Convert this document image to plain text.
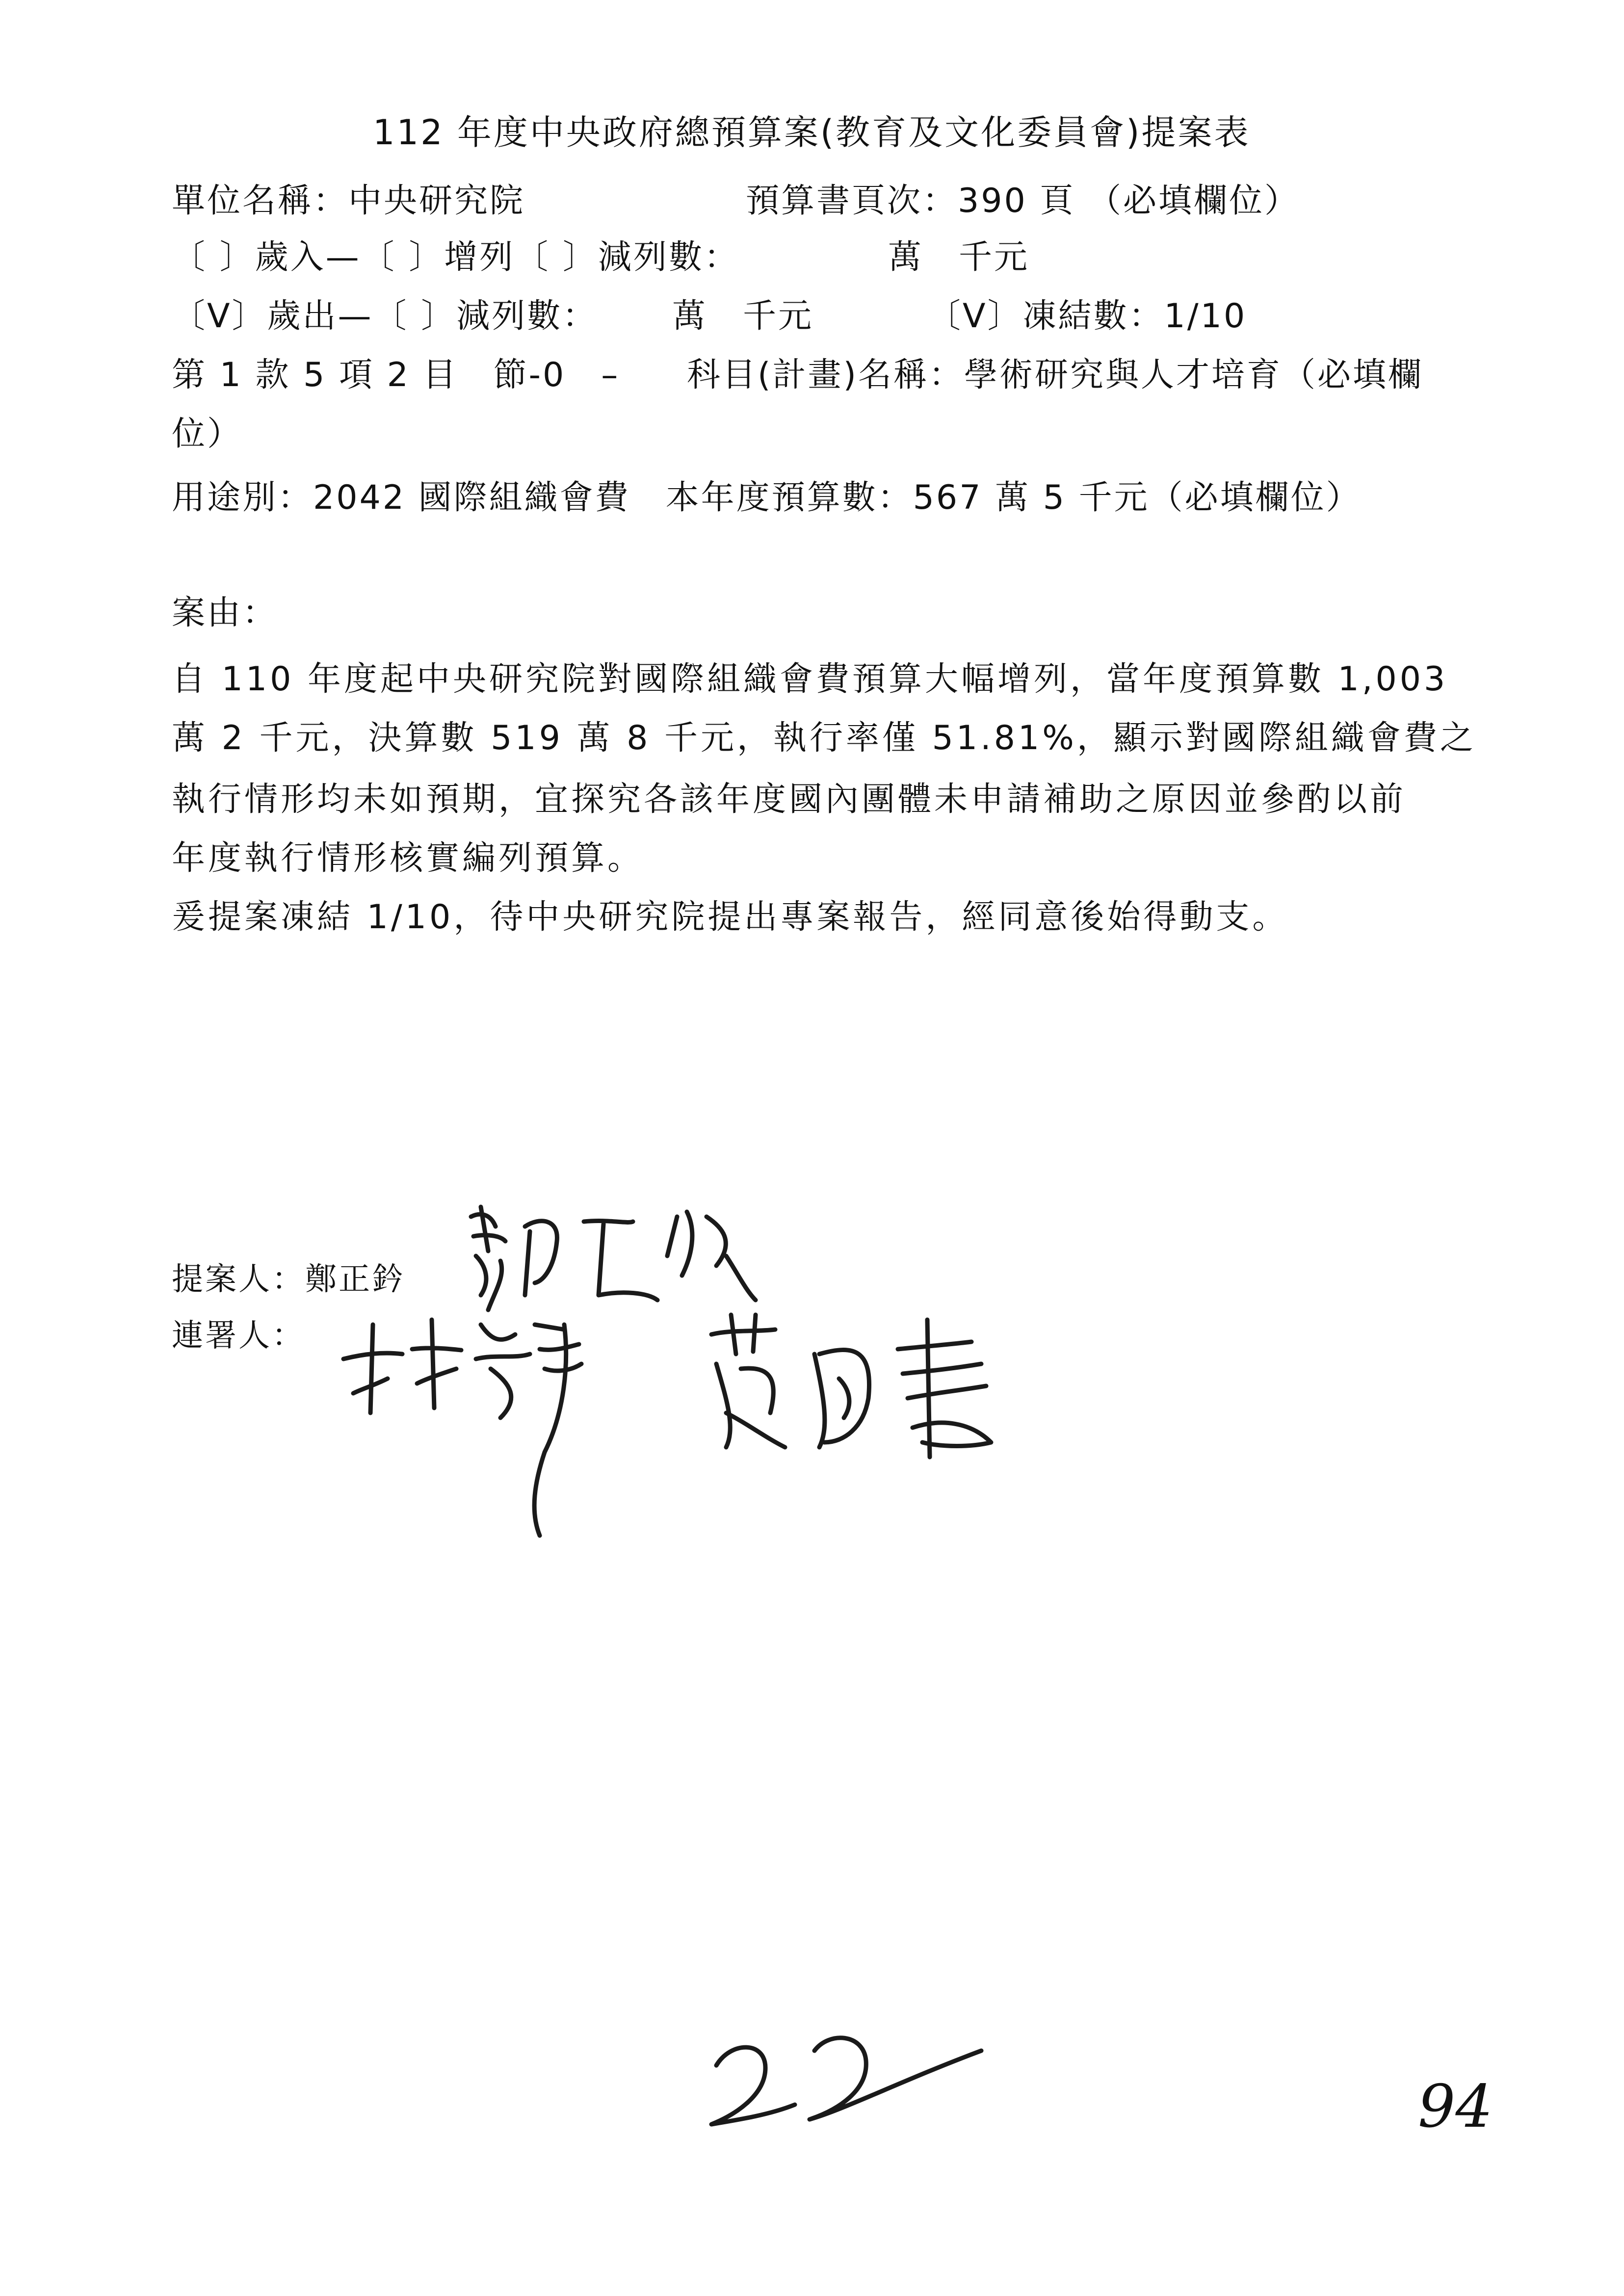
112 年度中央政府總預算案(教育及文化委員會)提案表
單位名稱：中央研究院	預算書頁次：390 頁 （必填欄位）
〔 〕歲入—〔 〕增列〔 〕減列數：	萬　千元
〔V〕歲出—〔 〕減列數： 萬　千元	〔V〕凍結數：1/10
第 1 款 5 項 2 目　節-0　– 科目(計畫)名稱：學術研究與人才培育（必填欄
位）
用途別：2042 國際組織會費　本年度預算數：567 萬 5 千元（必填欄位）
案由：
自 110 年度起中央研究院對國際組織會費預算大幅增列，當年度預算數 1,003
萬 2 千元，決算數 519 萬 8 千元，執行率僅 51.81%，顯示對國際組織會費之
執行情形均未如預期，宜探究各該年度國內團體未申請補助之原因並參酌以前
年度執行情形核實編列預算。
爰提案凍結 1/10，待中央研究院提出專案報告，經同意後始得動支。
提案人：鄭正鈐
連署人：
94
